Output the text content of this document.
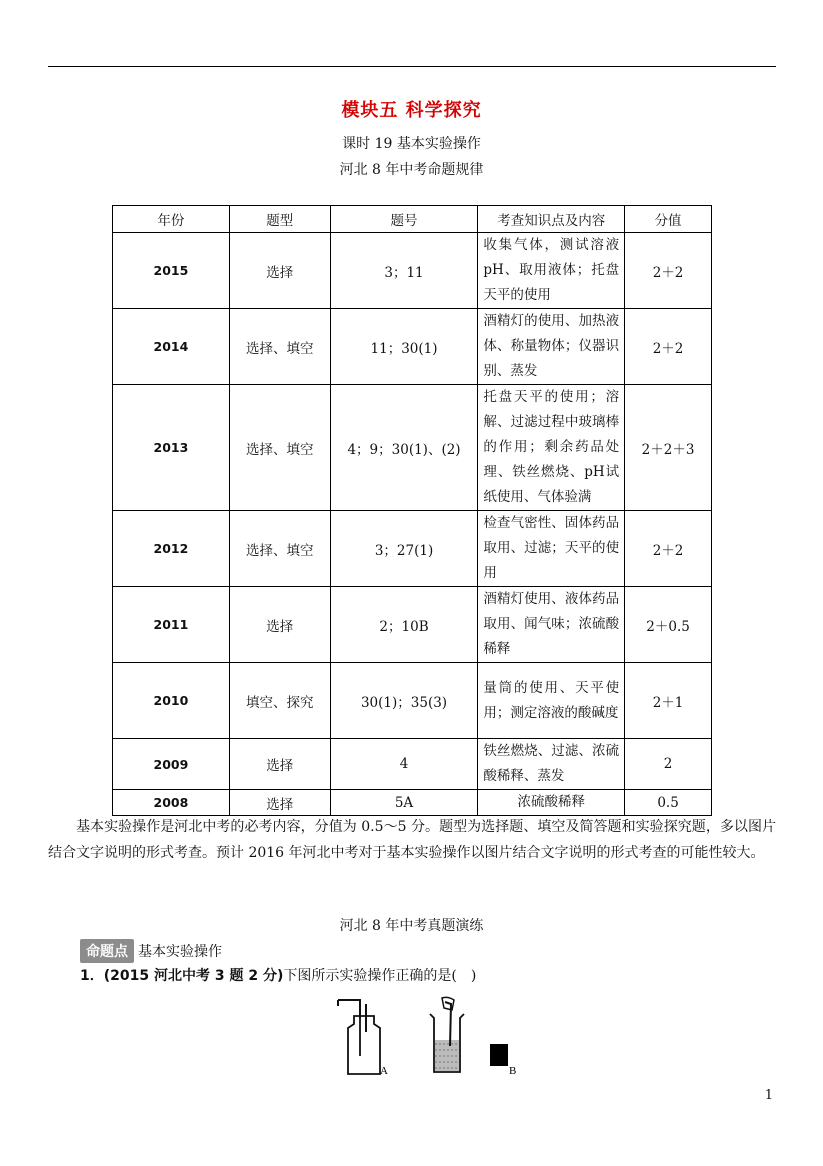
模块五 科学探究
课时 19 基本实验操作
河北 8 年中考命题规律
年份	题型	题号	考查知识点及内容	分值
2015	选择	3；11	收集气体，测试溶液pH、取用液体；托盘天平的使用	2＋2
2014	选择、填空	11；30(1)	酒精灯的使用、加热液体、称量物体；仪器识别、蒸发	2＋2
2013	选择、填空	4；9；30(1)、(2)	托盘天平的使用；溶解、过滤过程中玻璃棒的作用；剩余药品处理、铁丝燃烧、pH试纸使用、气体验满	2＋2＋3
2012	选择、填空	3；27(1)	检查气密性、固体药品取用、过滤；天平的使用	2＋2
2011	选择	2；10B	酒精灯使用、液体药品取用、闻气味；浓硫酸稀释	2＋0.5
2010	填空、探究	30(1)；35(3)	量筒的使用、天平使用；测定溶液的酸碱度	2＋1
2009	选择	4	铁丝燃烧、过滤、浓硫酸稀释、蒸发	2
2008	选择	5A	浓硫酸稀释	0.5
基本实验操作是河北中考的必考内容，分值为 0.5～5 分。题型为选择题、填空及简答题和实验探究题，多以图片结合文字说明的形式考查。预计 2016 年河北中考对于基本实验操作以图片结合文字说明的形式考查的可能性较大。
河北 8 年中考真题演练
命题点 基本实验操作
1．(2015 河北中考 3 题 2 分)下图所示实验操作正确的是(　)
A	B
1
